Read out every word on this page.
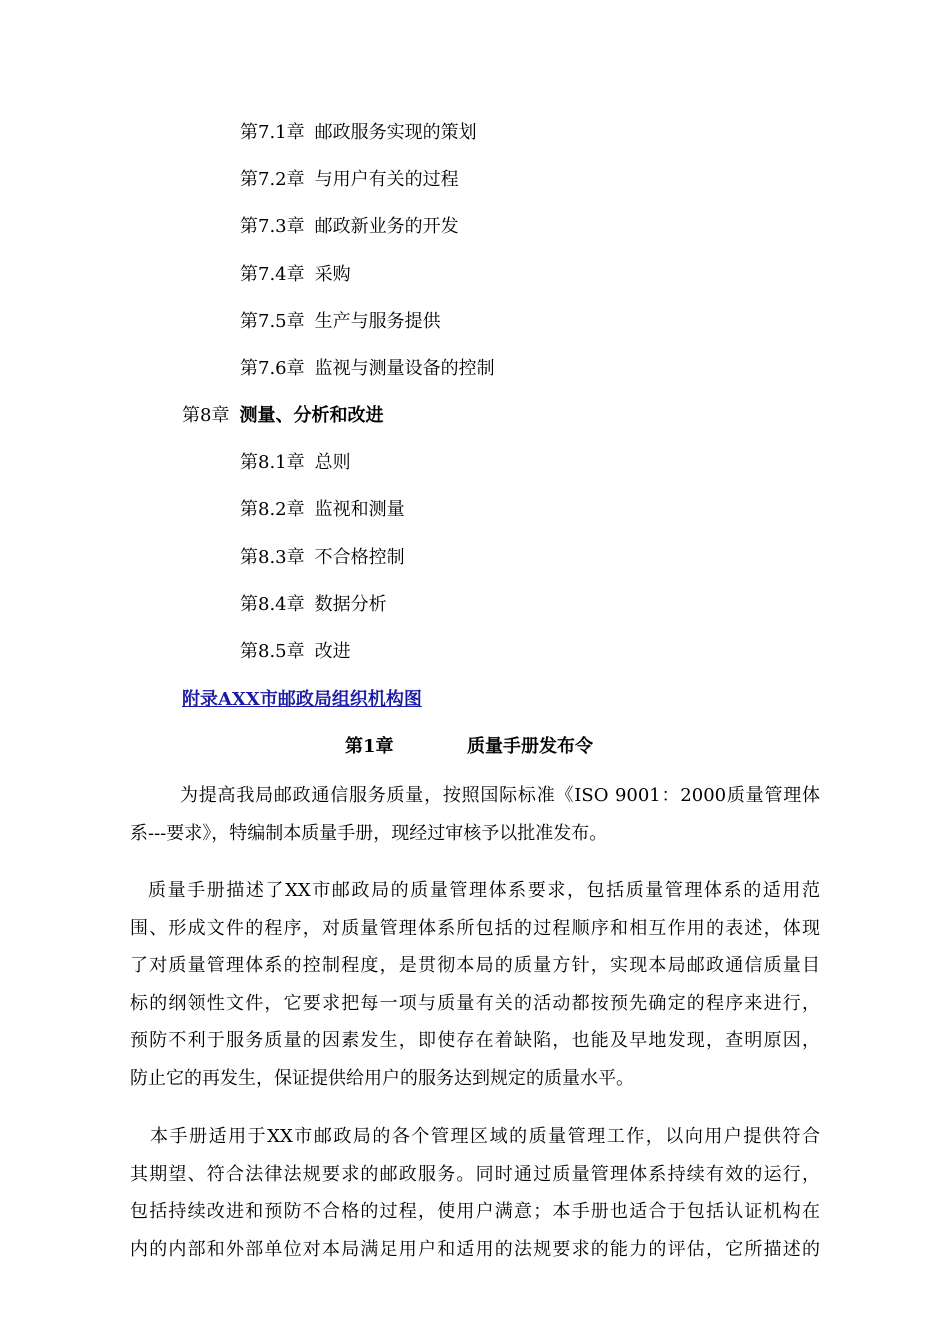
第7.1章 邮政服务实现的策划
第7.2章 与用户有关的过程
第7.3章 邮政新业务的开发
第7.4章 采购
第7.5章 生产与服务提供
第7.6章 监视与测量设备的控制
第8章 测量、分析和改进
第8.1章 总则
第8.2章 监视和测量
第8.3章 不合格控制
第8.4章 数据分析
第8.5章 改进
附录AXX市邮政局组织机构图
第1章	质量手册发布令
为提高我局邮政通信服务质量，按照国际标准《ISO 9001：2000质量管理体
系---要求》，特编制本质量手册，现经过审核予以批准发布。
质量手册描述了XX市邮政局的质量管理体系要求，包括质量管理体系的适用范
围、形成文件的程序，对质量管理体系所包括的过程顺序和相互作用的表述，体现
了对质量管理体系的控制程度，是贯彻本局的质量方针，实现本局邮政通信质量目
标的纲领性文件，它要求把每一项与质量有关的活动都按预先确定的程序来进行，
预防不利于服务质量的因素发生，即使存在着缺陷，也能及早地发现，查明原因，
防止它的再发生，保证提供给用户的服务达到规定的质量水平。
本手册适用于XX市邮政局的各个管理区域的质量管理工作，以向用户提供符合
其期望、符合法律法规要求的邮政服务。同时通过质量管理体系持续有效的运行，
包括持续改进和预防不合格的过程，使用户满意；本手册也适合于包括认证机构在
内的内部和外部单位对本局满足用户和适用的法规要求的能力的评估，它所描述的
